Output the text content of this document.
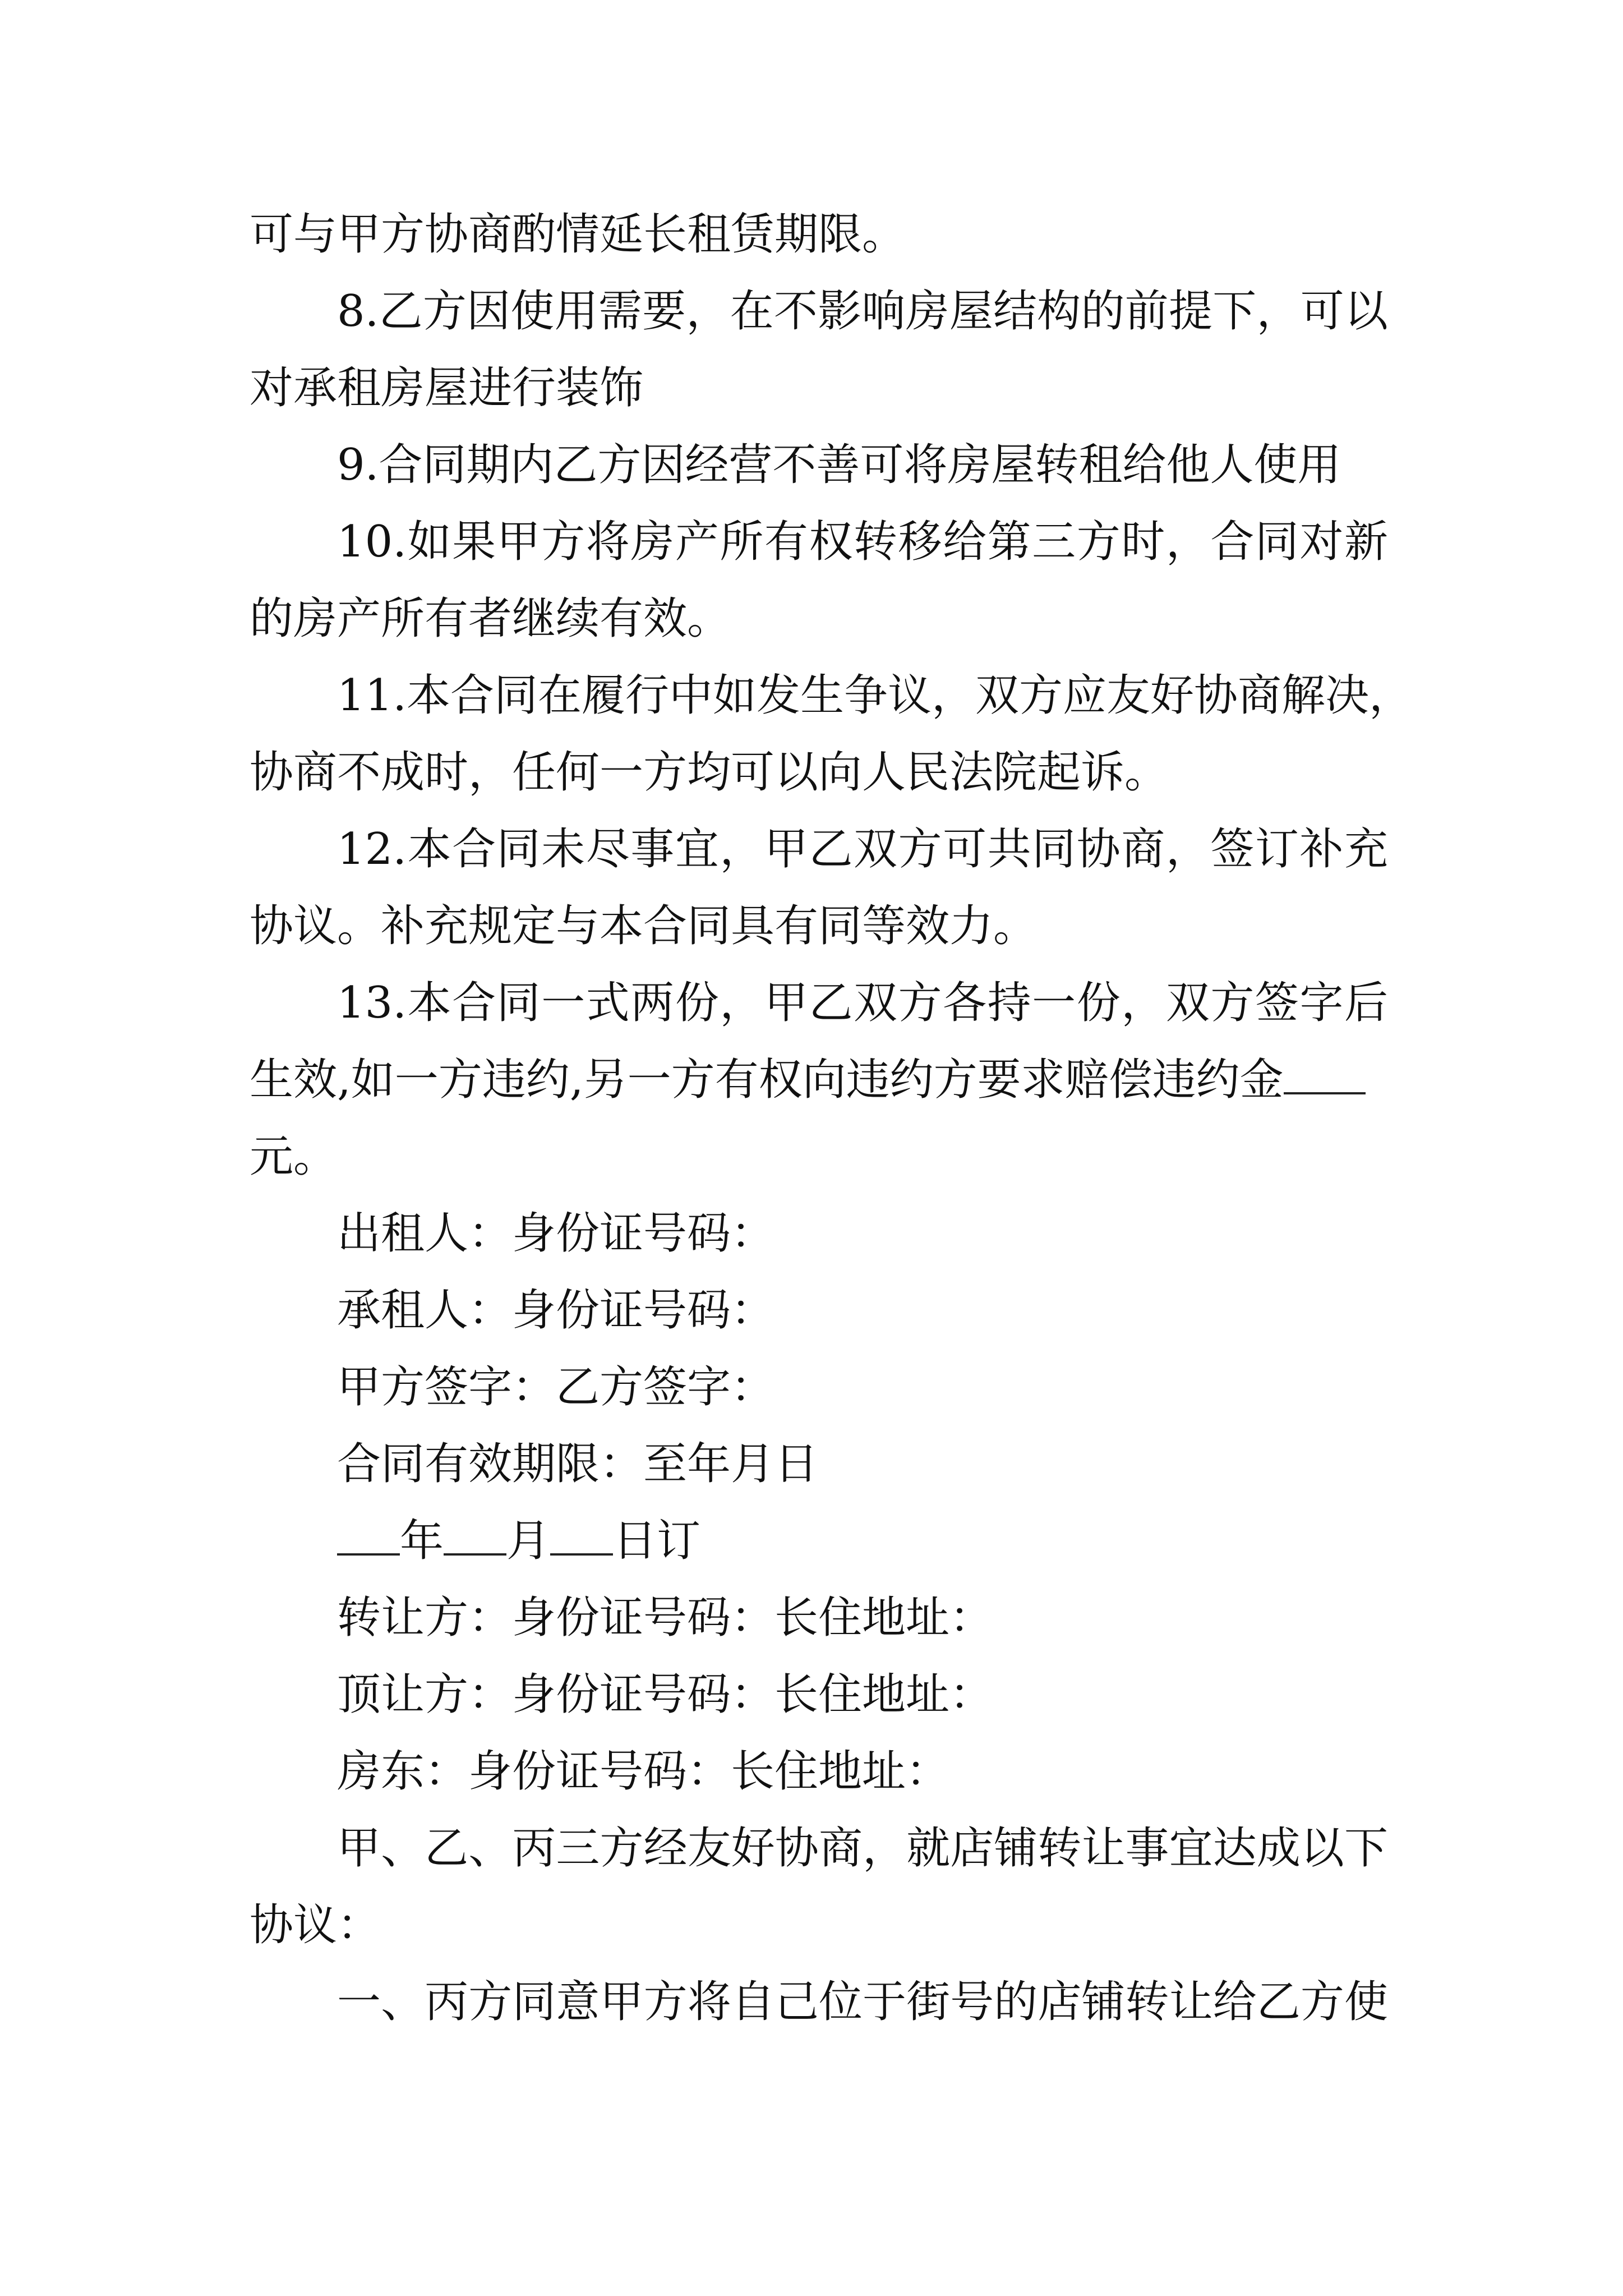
可与甲方协商酌情延长租赁期限。
8.乙方因使用需要，在不影响房屋结构的前提下，可以
对承租房屋进行装饰
9.合同期内乙方因经营不善可将房屋转租给他人使用
10.如果甲方将房产所有权转移给第三方时，合同对新
的房产所有者继续有效。
11.本合同在履行中如发生争议，双方应友好协商解决，
协商不成时，任何一方均可以向人民法院起诉。
12.本合同未尽事宜，甲乙双方可共同协商，签订补充
协议。补充规定与本合同具有同等效力。
13.本合同一式两份，甲乙双方各持一份，双方签字后
生效,如一方违约,另一方有权向违约方要求赔偿违约金
元。
出租人：身份证号码：
承租人：身份证号码：
甲方签字：乙方签字：
合同有效期限：至年月日
年 月 日订
转让方：身份证号码：长住地址：
顶让方：身份证号码：长住地址：
房东：身份证号码：长住地址：
甲、乙、丙三方经友好协商，就店铺转让事宜达成以下
协议：
一、丙方同意甲方将自己位于街号的店铺转让给乙方使
